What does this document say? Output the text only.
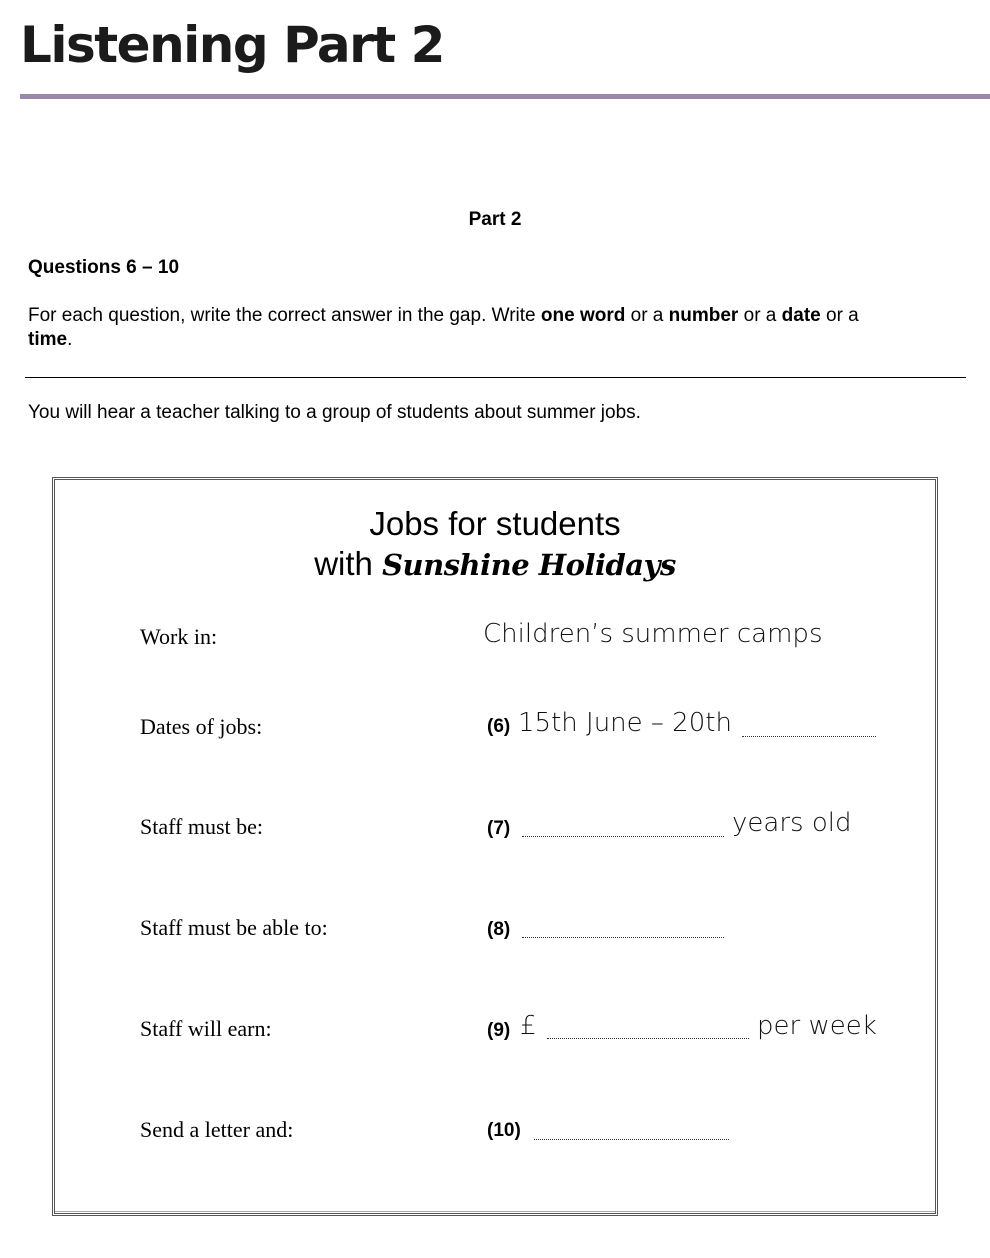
Listening Part 2
Part 2
Questions 6 – 10
For each question, write the correct answer in the gap. Write one word or a number or a date or a
time.
You will hear a teacher talking to a group of students about summer jobs.
Jobs for students
with Sunshine Holidays
Work in:	Children’s summer camps
Dates of jobs:	(6) 15th June – 20th
Staff must be:	(7)	years old
Staff must be able to:	(8)
Staff will earn:	(9) £	per week
Send a letter and:	(10)
